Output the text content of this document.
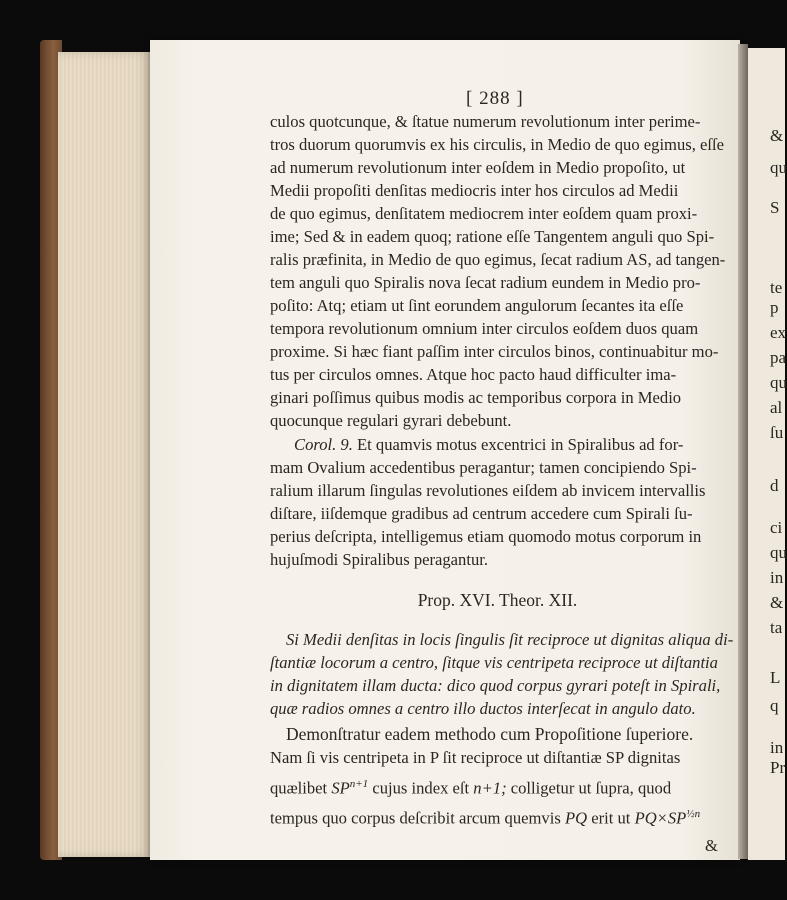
&
qu
S
te
p
ex
pa
qu
al
ſu
d
ci
qu
in
&
ta
L
q
in
Pr
[ 288 ]
culos quotcunque, & ſtatue numerum revolutionum inter perime-
tros duorum quorumvis ex his circulis, in Medio de quo egimus, eſſe
ad numerum revolutionum inter eoſdem in Medio propoſito, ut
Medii propoſiti denſitas mediocris inter hos circulos ad Medii
de quo egimus, denſitatem mediocrem inter eoſdem quam proxi-
ime; Sed & in eadem quoq; ratione eſſe Tangentem anguli quo Spi-
ralis præfinita, in Medio de quo egimus, ſecat radium AS, ad tangen-
tem anguli quo Spiralis nova ſecat radium eundem in Medio pro-
poſito: Atq; etiam ut ſint eorundem angulorum ſecantes ita eſſe
tempora revolutionum omnium inter circulos eoſdem duos quam
proxime. Si hæc fiant paſſim inter circulos binos, continuabitur mo-
tus per circulos omnes. Atque hoc pacto haud difficulter ima-
ginari poſſimus quibus modis ac temporibus corpora in Medio
quocunque regulari gyrari debebunt.
Corol. 9. Et quamvis motus excentrici in Spiralibus ad for-
mam Ovalium accedentibus peragantur; tamen concipiendo Spi-
ralium illarum ſingulas revolutiones eiſdem ab invicem intervallis
diſtare, iiſdemque gradibus ad centrum accedere cum Spirali ſu-
perius deſcripta, intelligemus etiam quomodo motus corporum in
hujuſmodi Spiralibus peragantur.
Prop. XVI. Theor. XII.
Si Medii denſitas in locis ſingulis ſit reciproce ut dignitas aliqua di-
ſtantiæ locorum a centro, ſitque vis centripeta reciproce ut diſtantia
in dignitatem illam ducta: dico quod corpus gyrari poteſt in Spirali,
quæ radios omnes a centro illo ductos interſecat in angulo dato.
Demonſtratur eadem methodo cum Propoſitione ſuperiore.
Nam ſi vis centripeta in P ſit reciproce ut diſtantiæ SP dignitas
quælibet $SP^{n+1}$ cujus index eſt n+1; colligetur ut ſupra, quod
tempus quo corpus deſcribit arcum quemvis PQ erit ut $PQ\times SP^{\frac{1}{2}n}$
&
